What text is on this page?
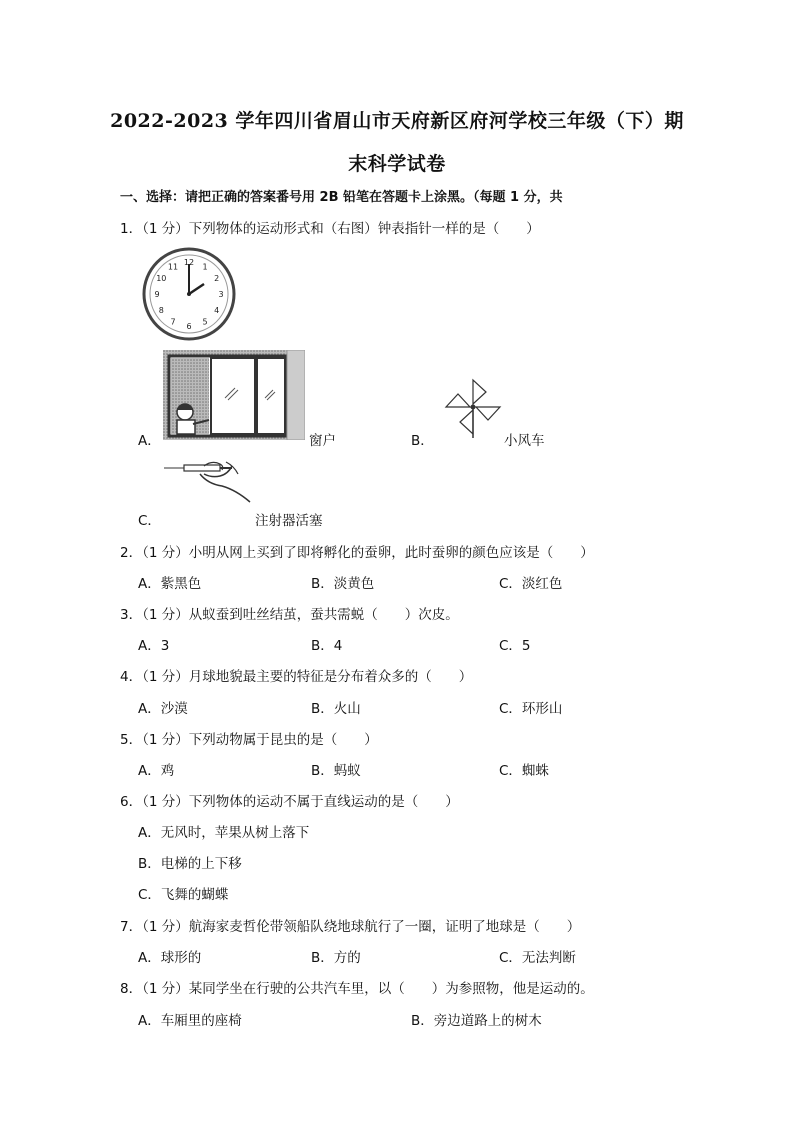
2022-2023 学年四川省眉山市天府新区府河学校三年级（下）期
末科学试卷
一、选择：请把正确的答案番号用 2B 铅笔在答题卡上涂黑。（每题 1 分，共
1．（1 分）下列物体的运动形式和（右图）钟表指针一样的是（　　）
12 1
2
3
4
5
6
7
8
9
10
11
A．	窗户	B．	小风车
C．	注射器活塞
2．（1 分）小明从网上买到了即将孵化的蚕卵，此时蚕卵的颜色应该是（　　）
A．紫黑色	B．淡黄色	C．淡红色
3．（1 分）从蚁蚕到吐丝结茧，蚕共需蜕（　　）次皮。
A．3	B．4	C．5
4．（1 分）月球地貌最主要的特征是分布着众多的（　　）
A．沙漠	B．火山	C．环形山
5．（1 分）下列动物属于昆虫的是（　　）
A．鸡	B．蚂蚁	C．蜘蛛
6．（1 分）下列物体的运动不属于直线运动的是（　　）
A．无风时，苹果从树上落下
B．电梯的上下移
C．飞舞的蝴蝶
7．（1 分）航海家麦哲伦带领船队绕地球航行了一圈，证明了地球是（　　）
A．球形的	B．方的	C．无法判断
8．（1 分）某同学坐在行驶的公共汽车里，以（　　）为参照物，他是运动的。
A．车厢里的座椅	B．旁边道路上的树木
